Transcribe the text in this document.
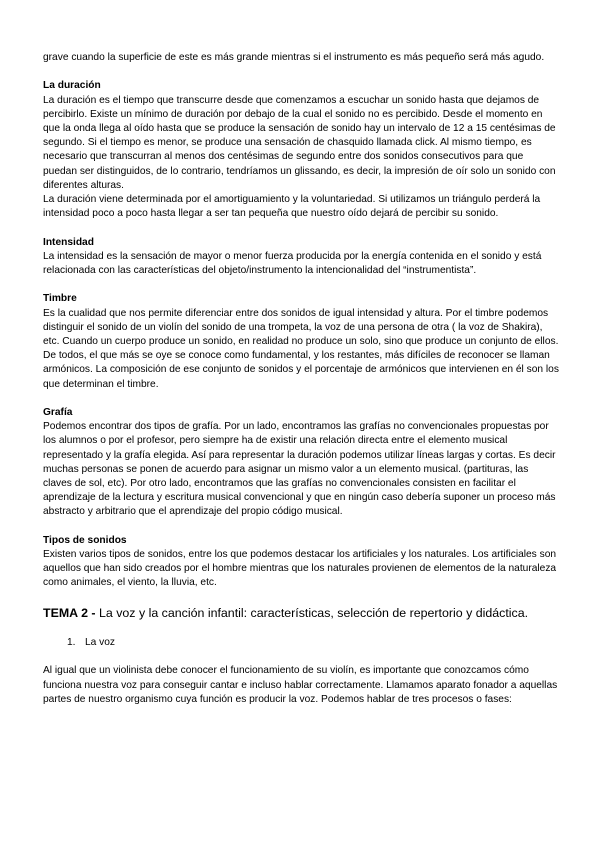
grave cuando la superficie de este es más grande mientras si el instrumento es más pequeño será más agudo.

La duración

La duración es el tiempo que transcurre desde que comenzamos a escuchar un sonido hasta que dejamos de percibirlo. Existe un mínimo de duración por debajo de la cual el sonido no es percibido. Desde el momento en que la onda llega al oído hasta que se produce la sensación de sonido hay un intervalo de 12 a 15 centésimas de segundo. Si el tiempo es menor, se produce una sensación de chasquido llamada click. Al mismo tiempo, es necesario que transcurran al menos dos centésimas de segundo entre dos sonidos consecutivos para que puedan ser distinguidos, de lo contrario, tendríamos un glissando, es decir, la impresión de oír solo un sonido con diferentes alturas.

La duración viene determinada por el amortiguamiento y la voluntariedad. Si utilizamos un triángulo perderá la intensidad poco a poco hasta llegar a ser tan pequeña que nuestro oído dejará de percibir su sonido.

Intensidad

La intensidad es la sensación de mayor o menor fuerza producida por la energía contenida en el sonido y está relacionada con las características del objeto/instrumento la intencionalidad del “instrumentista”.

Timbre

Es la cualidad que nos permite diferenciar entre dos sonidos de igual intensidad y altura. Por el timbre podemos distinguir el sonido de un violín del sonido de una trompeta, la voz de una persona de otra ( la voz de Shakira), etc. Cuando un cuerpo produce un sonido, en realidad no produce un solo, sino que produce un conjunto de ellos. De todos, el que más se oye se conoce como fundamental, y los restantes, más difíciles de reconocer se llaman armónicos. La composición de ese conjunto de sonidos y el porcentaje de armónicos que intervienen en él son los que determinan el timbre.

Grafía

Podemos encontrar dos tipos de grafía. Por un lado, encontramos las grafías no convencionales propuestas por los alumnos o por el profesor, pero siempre ha de existir una relación directa entre el elemento musical representado y la grafía elegida. Así para representar la duración podemos utilizar líneas largas y cortas. Es decir muchas personas se ponen de acuerdo para asignar un mismo valor a un elemento musical. (partituras, las claves de sol, etc). Por otro lado, encontramos que las grafías no convencionales consisten en facilitar el aprendizaje de la lectura y escritura musical convencional y que en ningún caso debería suponer un proceso más abstracto y arbitrario que el aprendizaje del propio código musical.

Tipos de sonidos

Existen varios tipos de sonidos, entre los que podemos destacar los artificiales y los naturales. Los artificiales son aquellos que han sido creados por el hombre mientras que los naturales provienen de elementos de la naturaleza como animales, el viento, la lluvia, etc.

TEMA 2 - La voz y la canción infantil: características, selección de repertorio y didáctica.
1. La voz

Al igual que un violinista debe conocer el funcionamiento de su violín, es importante que conozcamos cómo funciona nuestra voz para conseguir cantar e incluso hablar correctamente. Llamamos aparato fonador a aquellas partes de nuestro organismo cuya función es producir la voz. Podemos hablar de tres procesos o fases:
